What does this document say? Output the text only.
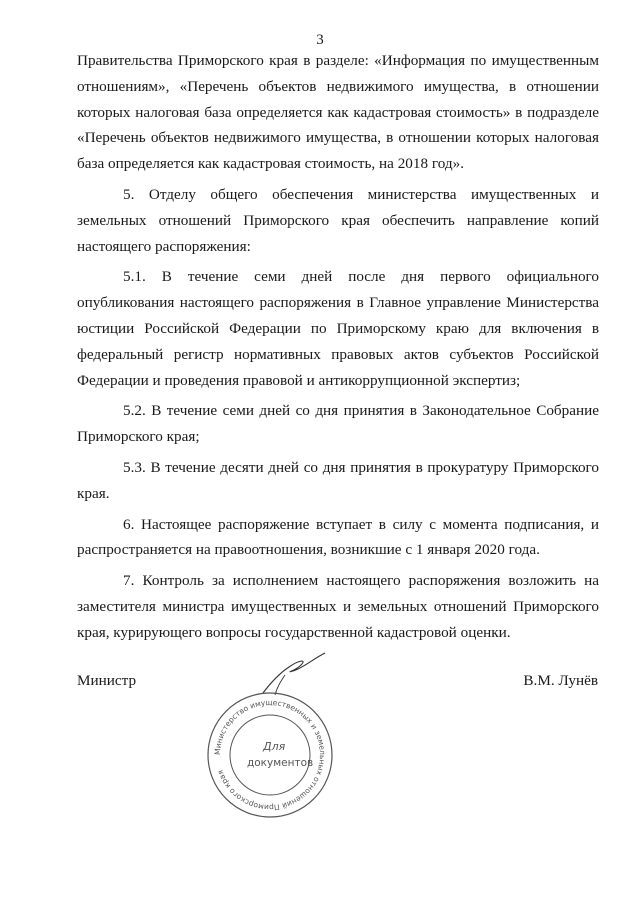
3

Правительства Приморского края в разделе: «Информация по имущественным отношениям», «Перечень объектов недвижимого имущества, в отношении которых налоговая база определяется как кадастровая стоимость» в подразделе «Перечень объектов недвижимого имущества, в отношении которых налоговая база определяется как кадастровая стоимость, на 2018 год».

5. Отделу общего обеспечения министерства имущественных и земельных отношений Приморского края обеспечить направление копий настоящего распоряжения:

5.1. В течение семи дней после дня первого официального опубликования настоящего распоряжения в Главное управление Министерства юстиции Российской Федерации по Приморскому краю для включения в федеральный регистр нормативных правовых актов субъектов Российской Федерации и проведения правовой и антикоррупционной экспертиз;

5.2. В течение семи дней со дня принятия в Законодательное Собрание Приморского края;

5.3. В течение десяти дней со дня принятия в прокуратуру Приморского края.

6. Настоящее распоряжение вступает в силу с момента подписания, и распространяется на правоотношения, возникшие с 1 января 2020 года.

7. Контроль за исполнением настоящего распоряжения возложить на заместителя министра имущественных и земельных отношений Приморского края, курирующего вопросы государственной кадастровой оценки.

Министр	В.М. Лунёв
Министерство имущественных и земельных отношений Приморского края
Для
документов
